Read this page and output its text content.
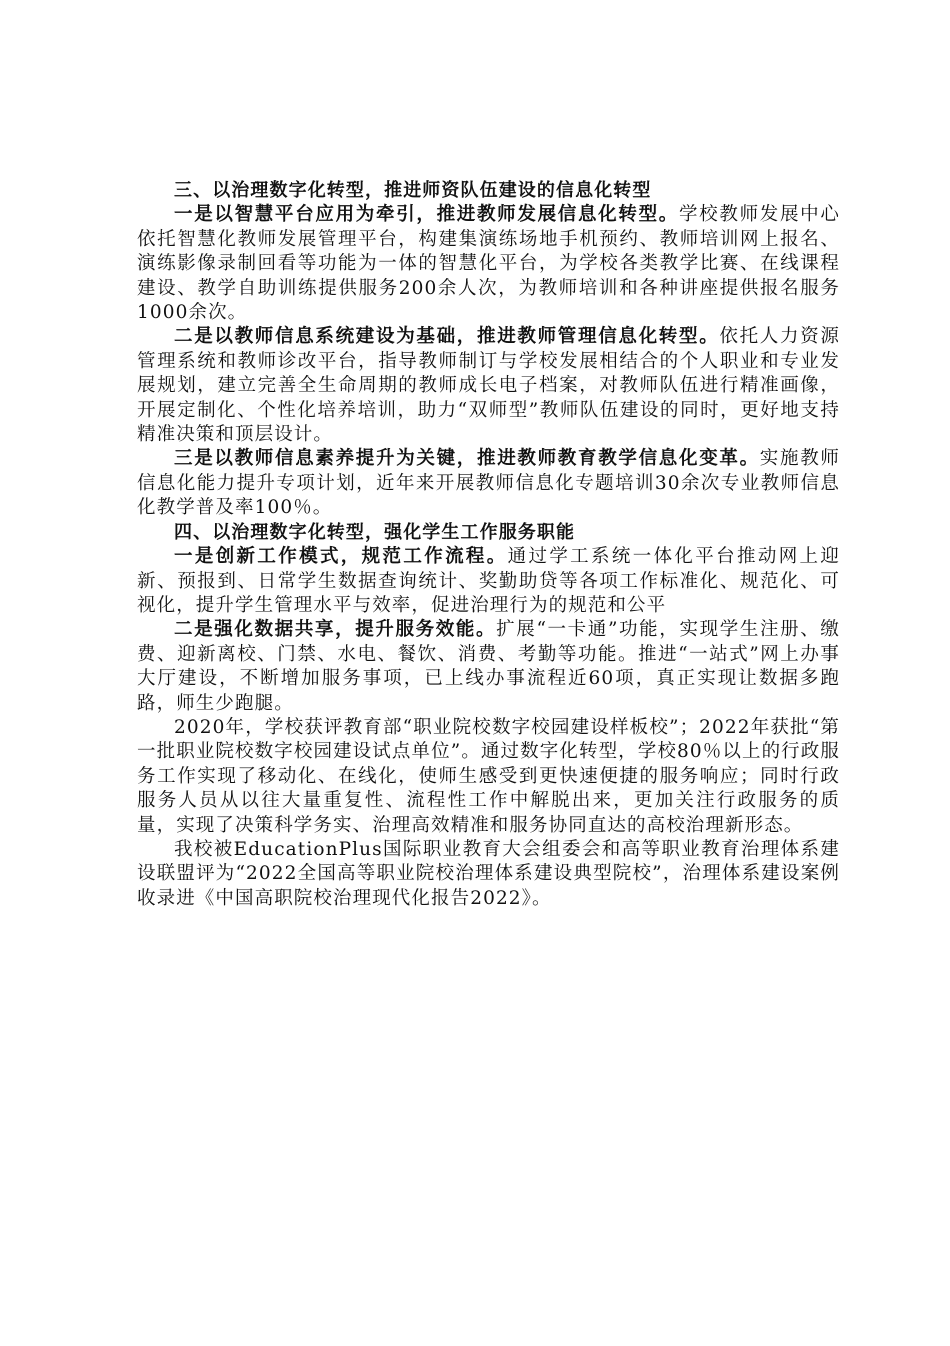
三、以治理数字化转型，推进师资队伍建设的信息化转型

一是以智慧平台应用为牵引，推进教师发展信息化转型。学校教师发展中心依托智慧化教师发展管理平台，构建集演练场地手机预约、教师培训网上报名、演练影像录制回看等功能为一体的智慧化平台，为学校各类教学比赛、在线课程建设、教学自助训练提供服务200余人次，为教师培训和各种讲座提供报名服务1000余次。

二是以教师信息系统建设为基础，推进教师管理信息化转型。依托人力资源管理系统和教师诊改平台，指导教师制订与学校发展相结合的个人职业和专业发展规划，建立完善全生命周期的教师成长电子档案，对教师队伍进行精准画像，开展定制化、个性化培养培训，助力“双师型”教师队伍建设的同时，更好地支持精准决策和顶层设计。

三是以教师信息素养提升为关键，推进教师教育教学信息化变革。实施教师信息化能力提升专项计划，近年来开展教师信息化专题培训30余次专业教师信息化教学普及率100％。

四、以治理数字化转型，强化学生工作服务职能

一是创新工作模式，规范工作流程。通过学工系统一体化平台推动网上迎新、预报到、日常学生数据查询统计、奖勤助贷等各项工作标准化、规范化、可视化，提升学生管理水平与效率，促进治理行为的规范和公平

二是强化数据共享，提升服务效能。扩展“一卡通”功能，实现学生注册、缴费、迎新离校、门禁、水电、餐饮、消费、考勤等功能。推进“一站式”网上办事大厅建设，不断增加服务事项，已上线办事流程近60项，真正实现让数据多跑路，师生少跑腿。

2020年，学校获评教育部“职业院校数字校园建设样板校”；2022年获批“第一批职业院校数字校园建设试点单位”。通过数字化转型，学校80％以上的行政服务工作实现了移动化、在线化，使师生感受到更快速便捷的服务响应；同时行政服务人员从以往大量重复性、流程性工作中解脱出来，更加关注行政服务的质量，实现了决策科学务实、治理高效精准和服务协同直达的高校治理新形态。

我校被EducationPlus国际职业教育大会组委会和高等职业教育治理体系建设联盟评为“2022全国高等职业院校治理体系建设典型院校”，治理体系建设案例收录进《中国高职院校治理现代化报告2022》。
